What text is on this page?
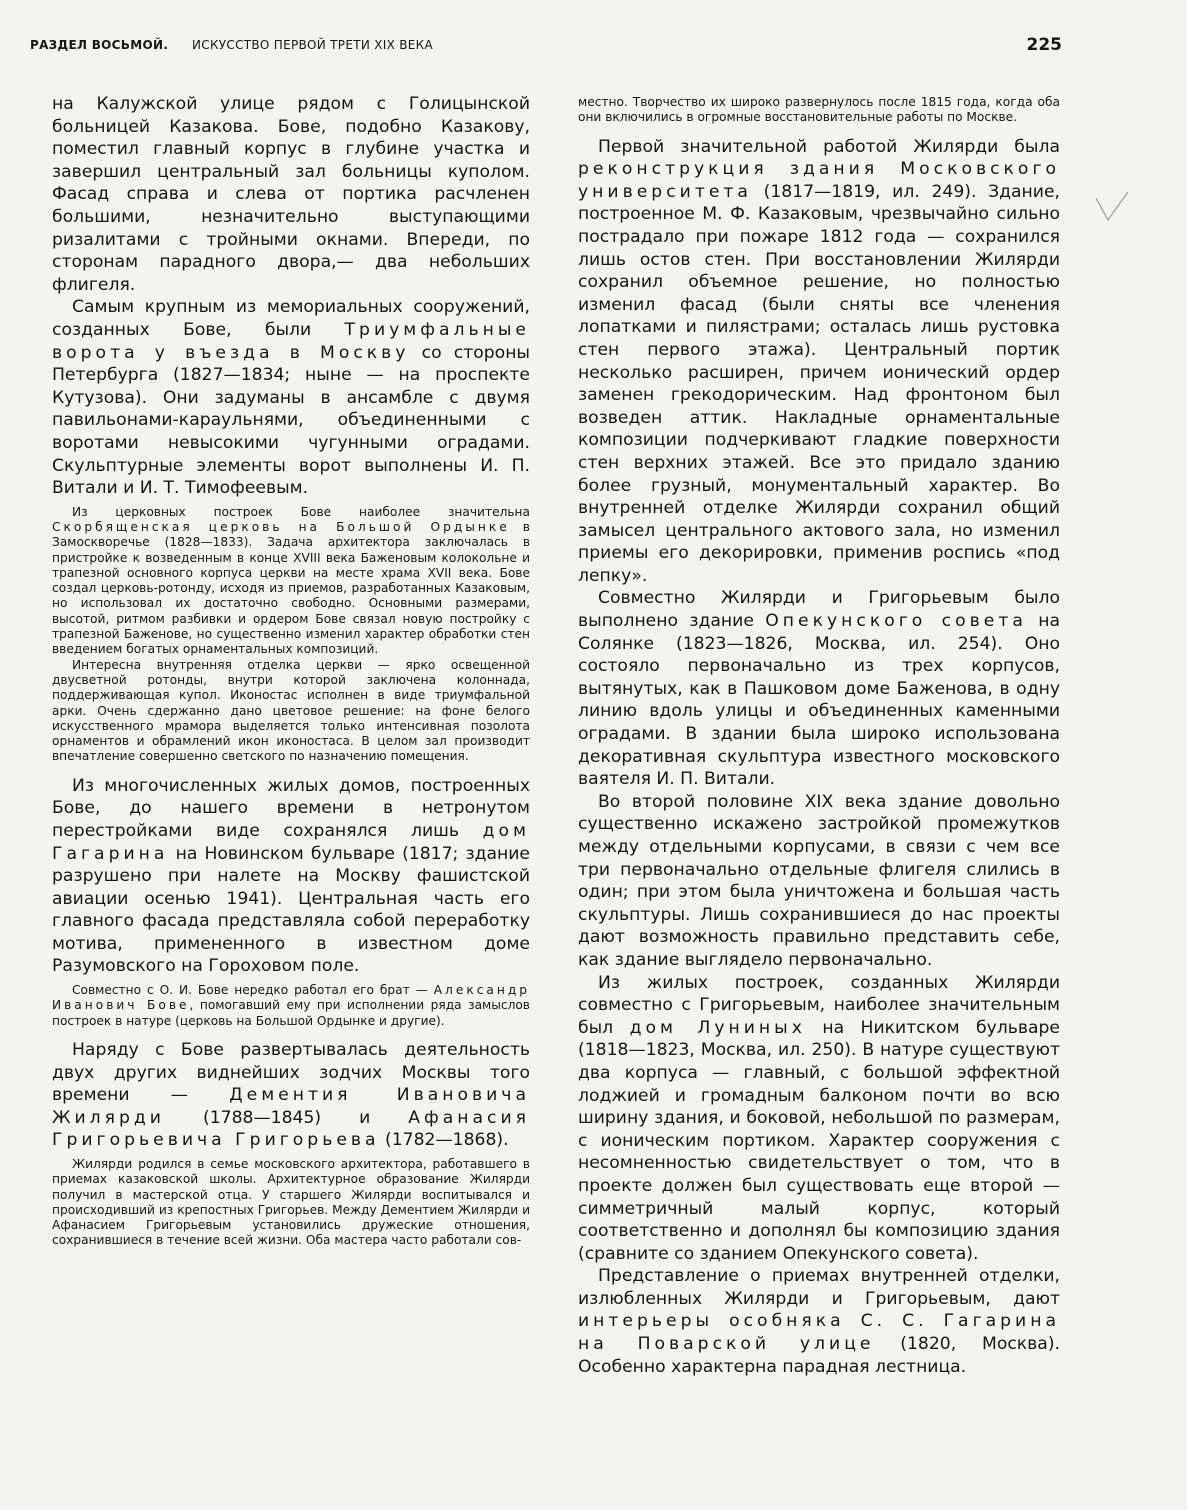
РАЗДЕЛ ВОСЬМОЙ. ИСКУССТВО ПЕРВОЙ ТРЕТИ XIX ВЕКА	225

на Калужской улице рядом с Голицынской больницей Казакова. Бове, подобно Казакову, поместил главный корпус в глубине участка и завершил центральный зал больницы куполом. Фасад справа и слева от портика расчленен большими, незначительно выступающими ризалитами с тройными окнами. Впереди, по сторонам парадного двора,— два небольших флигеля.

Самым крупным из мемориальных сооружений, созданных Бове, были Триумфальные ворота у въезда в Москву со стороны Петербурга (1827—1834; ныне — на проспекте Кутузова). Они задуманы в ансамбле с двумя павильонами-караульнями, объединенными с воротами невысокими чугунными оградами. Скульптурные элементы ворот выполнены И. П. Витали и И. Т. Тимофеевым.

Из церковных построек Бове наиболее значительна Скорбященская церковь на Большой Ордынке в Замоскворечье (1828—1833). Задача архитектора заключалась в пристройке к возведенным в конце XVIII века Баженовым колокольне и трапезной основного корпуса церкви на месте храма XVII века. Бове создал церковь-ротонду, исходя из приемов, разработанных Казаковым, но использовал их достаточно свободно. Основными размерами, высотой, ритмом разбивки и ордером Бове связал новую постройку с трапезной Баженове, но существенно изменил характер обработки стен введением богатых орнаментальных композиций.

Интересна внутренняя отделка церкви — ярко освещенной двусветной ротонды, внутри которой заключена колоннада, поддерживающая купол. Иконостас исполнен в виде триумфальной арки. Очень сдержанно дано цветовое решение: на фоне белого искусственного мрамора выделяется только интенсивная позолота орнаментов и обрамлений икон иконостаса. В целом зал производит впечатление совершенно светского по назначению помещения.

Из многочисленных жилых домов, построенных Бове, до нашего времени в нетронутом перестройками виде сохранялся лишь дом Гагарина на Новинском бульваре (1817; здание разрушено при налете на Москву фашистской авиации осенью 1941). Центральная часть его главного фасада представляла собой переработку мотива, примененного в известном доме Разумовского на Гороховом поле.

Совместно с О. И. Бове нередко работал его брат — Александр Иванович Бове, помогавший ему при исполнении ряда замыслов построек в натуре (церковь на Большой Ордынке и другие).

Наряду с Бове развертывалась деятельность двух других виднейших зодчих Москвы того времени — Дементия Ивановича Жилярди (1788—1845) и Афанасия Григорьевича Григорьева (1782—1868).

Жилярди родился в семье московского архитектора, работавшего в приемах казаковской школы. Архитектурное образование Жилярди получил в мастерской отца. У старшего Жилярди воспитывался и происходивший из крепостных Григорьев. Между Дементием Жилярди и Афанасием Григорьевым установились дружеские отношения, сохранившиеся в течение всей жизни. Оба мастера часто работали сов-

местно. Творчество их широко развернулось после 1815 года, когда оба они включились в огромные восстановительные работы по Москве.

Первой значительной работой Жилярди была реконструкция здания Московского университета (1817—1819, ил. 249). Здание, построенное М. Ф. Казаковым, чрезвычайно сильно пострадало при пожаре 1812 года — сохранился лишь остов стен. При восстановлении Жилярди сохранил объемное решение, но полностью изменил фасад (были сняты все членения лопатками и пилястрами; осталась лишь рустовка стен первого этажа). Центральный портик несколько расширен, причем ионический ордер заменен грекодорическим. Над фронтоном был возведен аттик. Накладные орнаментальные композиции подчеркивают гладкие поверхности стен верхних этажей. Все это придало зданию более грузный, монументальный характер. Во внутренней отделке Жилярди сохранил общий замысел центрального актового зала, но изменил приемы его декорировки, применив роспись «под лепку».

Совместно Жилярди и Григорьевым было выполнено здание Опекунского совета на Солянке (1823—1826, Москва, ил. 254). Оно состояло первоначально из трех корпусов, вытянутых, как в Пашковом доме Баженова, в одну линию вдоль улицы и объединенных каменными оградами. В здании была широко использована декоративная скульптура известного московского ваятеля И. П. Витали.

Во второй половине XIX века здание довольно существенно искажено застройкой промежутков между отдельными корпусами, в связи с чем все три первоначально отдельные флигеля слились в один; при этом была уничтожена и большая часть скульптуры. Лишь сохранившиеся до нас проекты дают возможность правильно представить себе, как здание выглядело первоначально.

Из жилых построек, созданных Жилярди совместно с Григорьевым, наиболее значительным был дом Луниных на Никитском бульваре (1818—1823, Москва, ил. 250). В натуре существуют два корпуса — главный, с большой эффектной лоджией и громадным балконом почти во всю ширину здания, и боковой, небольшой по размерам, с ионическим портиком. Характер сооружения с несомненностью свидетельствует о том, что в проекте должен был существовать еще второй — симметричный малый корпус, который соответственно и дополнял бы композицию здания (сравните со зданием Опекунского совета).

Представление о приемах внутренней отделки, излюбленных Жилярди и Григорьевым, дают интерьеры особняка С. С. Гагарина на Поварской улице (1820, Москва). Особенно характерна парадная лестница.
